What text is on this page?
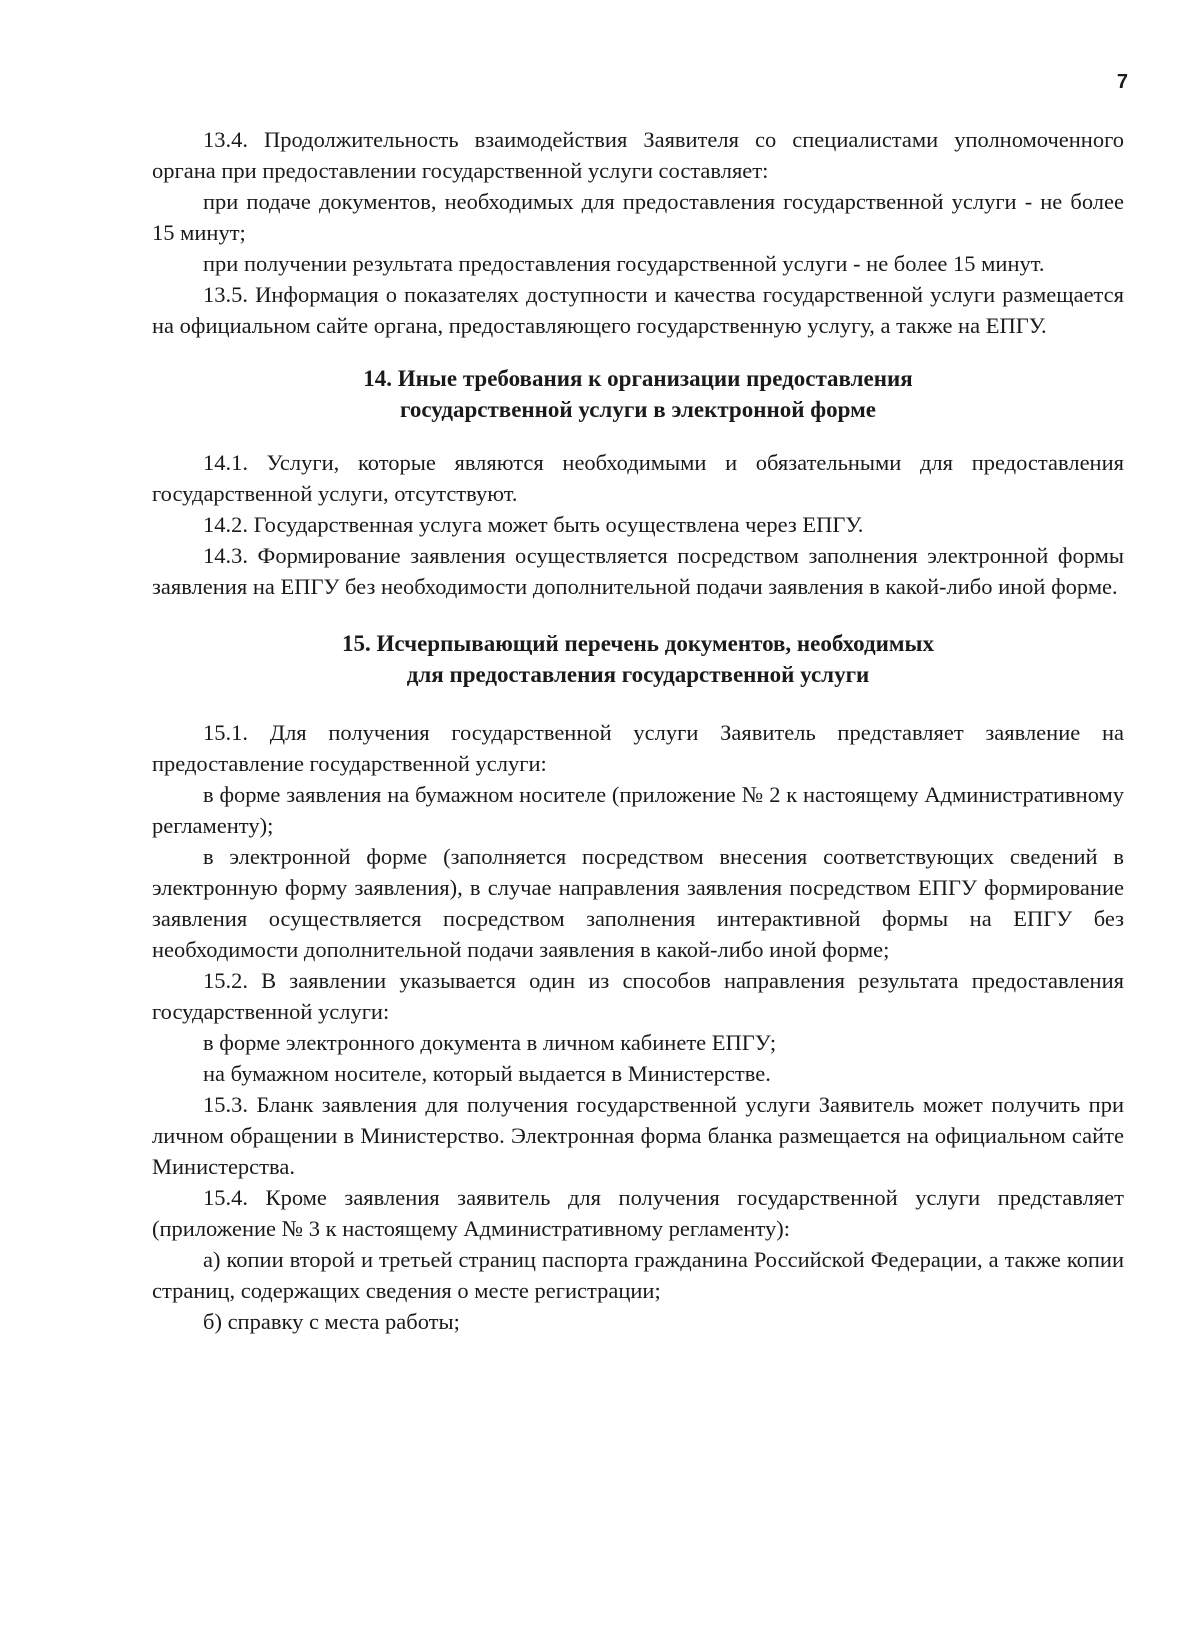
7

13.4. Продолжительность взаимодействия Заявителя со специалистами уполномоченного органа при предоставлении государственной услуги составляет:

при подаче документов, необходимых для предоставления государственной услуги - не более 15 минут;

при получении результата предоставления государственной услуги - не более 15 минут.

13.5. Информация о показателях доступности и качества государственной услуги размещается на официальном сайте органа, предоставляющего государственную услугу, а также на ЕПГУ.

14. Иные требования к организации предоставления
государственной услуги в электронной форме

14.1. Услуги, которые являются необходимыми и обязательными для предоставления государственной услуги, отсутствуют.

14.2. Государственная услуга может быть осуществлена через ЕПГУ.

14.3. Формирование заявления осуществляется посредством заполнения электронной формы заявления на ЕПГУ без необходимости дополнительной подачи заявления в какой-либо иной форме.

15. Исчерпывающий перечень документов, необходимых
для предоставления государственной услуги

15.1. Для получения государственной услуги Заявитель представляет заявление на предоставление государственной услуги:

в форме заявления на бумажном носителе (приложение № 2 к настоящему Административному регламенту);

в электронной форме (заполняется посредством внесения соответствующих сведений в электронную форму заявления), в случае направления заявления посредством ЕПГУ формирование заявления осуществляется посредством заполнения интерактивной формы на ЕПГУ без необходимости дополнительной подачи заявления в какой-либо иной форме;

15.2. В заявлении указывается один из способов направления результата предоставления государственной услуги:

в форме электронного документа в личном кабинете ЕПГУ;

на бумажном носителе, который выдается в Министерстве.

15.3. Бланк заявления для получения государственной услуги Заявитель может получить при личном обращении в Министерство. Электронная форма бланка размещается на официальном сайте Министерства.

15.4. Кроме заявления заявитель для получения государственной услуги представляет (приложение № 3 к настоящему Административному регламенту):

а) копии второй и третьей страниц паспорта гражданина Российской Федерации, а также копии страниц, содержащих сведения о месте регистрации;

б) справку с места работы;
